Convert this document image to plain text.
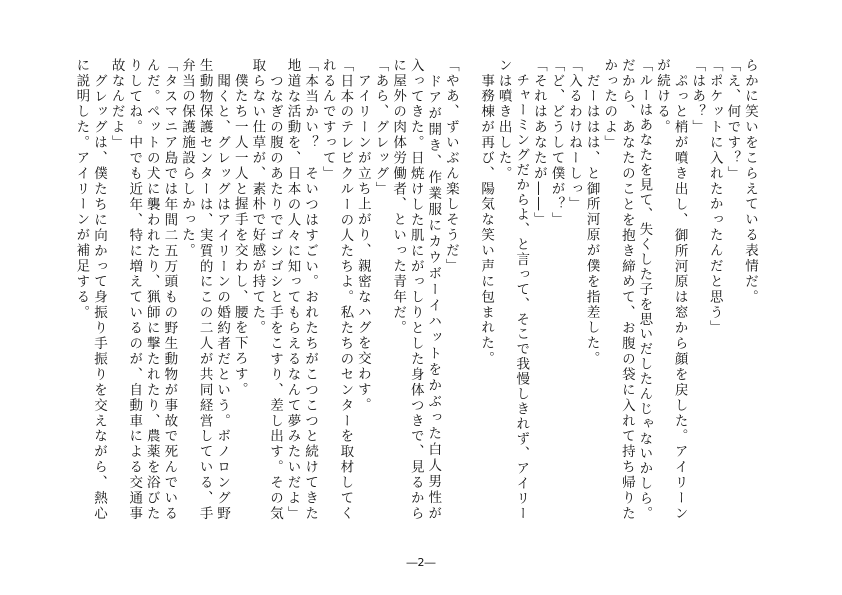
らかに笑いをこらえている表情だ。
「え、何です？」
「ポケットに入れたかったんだと思う」
「はあ？」
　ぷっと梢が噴き出し、御所河原は窓から顔を戻した。アイリーン
が続ける。
「ルーはあなたを見て、失くした子を思いだしたんじゃないかしら。
だから、あなたのことを抱き締めて、お腹の袋に入れて持ち帰りた
かったのよ」
　だーははは、と御所河原が僕を指差した。
「入るわけねーしっ」
「ど、どうして僕が？」
「それはあなたが――」
　チャーミングだからよ、と言って、そこで我慢しきれず、アイリー
ンは噴き出した。
　事務棟が再び、陽気な笑い声に包まれた。
「やあ、ずいぶん楽しそうだ」
　ドアが開き、作業服にカウボーイハットをかぶった白人男性が
入ってきた。日焼けした肌にがっしりとした身体つきで、見るから
に屋外の肉体労働者、といった青年だ。
「あら、グレッグ」
　アイリーンが立ち上がり、親密なハグを交わす。
「日本のテレビクルーの人たちよ。私たちのセンターを取材してく
れるんですって」
「本当かい？　そいつはすごい。おれたちがこつこつと続けてきた
地道な活動を、日本の人々に知ってもらえるなんて夢みたいだよ」
　つなぎの腹のあたりでゴシゴシと手をこすり、差し出す。その気
取らない仕草が、素朴で好感が持てた。
　僕たち一人一人と握手を交わし、腰を下ろす。
　聞くと、グレッグはアイリーンの婚約者だという。ボノロング野
生動物保護センターは、実質的にこの二人が共同経営している、手
弁当の保護施設らしかった。
「タスマニア島では年間二五万頭もの野生動物が事故で死んでいる
んだ。ペットの犬に襲われたり、猟師に撃たれたり、農薬を浴びた
りしてね。中でも近年、特に増えているのが、自動車による交通事
故なんだよ」
　グレッグは、僕たちに向かって身振り手振りを交えながら、熱心
に説明した。アイリーンが補足する。
―2―
